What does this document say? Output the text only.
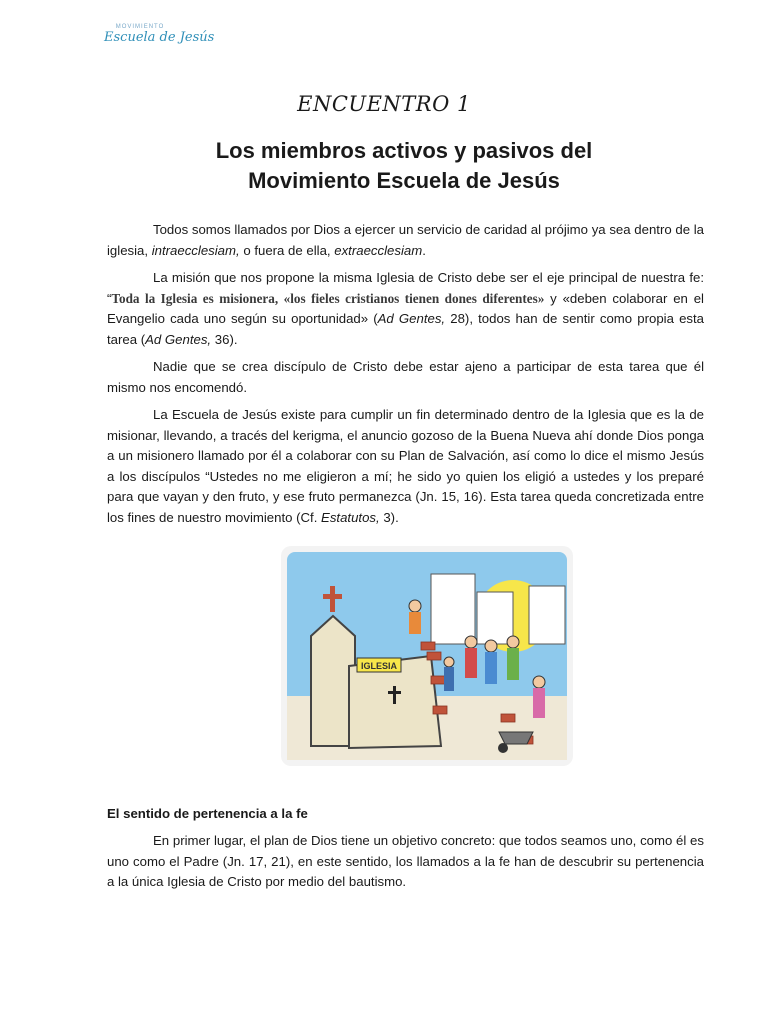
MOVIMIENTO
Escuela de Jesús
ENCUENTRO 1
Los miembros activos y pasivos del
Movimiento Escuela de Jesús

Todos somos llamados por Dios a ejercer un servicio de caridad al prójimo ya sea dentro de la iglesia, intraecclesiam, o fuera de ella, extraecclesiam.

La misión que nos propone la misma Iglesia de Cristo debe ser el eje principal de nuestra fe: “Toda la Iglesia es misionera, «los fieles cristianos tienen dones diferentes» y «deben colaborar en el Evangelio cada uno según su oportunidad» (Ad Gentes, 28), todos han de sentir como propia esta tarea (Ad Gentes, 36).

Nadie que se crea discípulo de Cristo debe estar ajeno a participar de esta tarea que él mismo nos encomendó.

La Escuela de Jesús existe para cumplir un fin determinado dentro de la Iglesia que es la de misionar, llevando, a tracés del kerigma, el anuncio gozoso de la Buena Nueva ahí donde Dios ponga a un misionero llamado por él a colaborar con su Plan de Salvación, así como lo dice el mismo Jesús a los discípulos “Ustedes no me eligieron a mí; he sido yo quien los eligió a ustedes y los preparé para que vayan y den fruto, y ese fruto permanezca (Jn. 15, 16). Esta tarea queda concretizada entre los fines de nuestro movimiento (Cf. Estatutos, 3).

IGLESIA
El sentido de pertenencia a la fe

En primer lugar, el plan de Dios tiene un objetivo concreto: que todos seamos uno, como él es uno como el Padre (Jn. 17, 21), en este sentido, los llamados a la fe han de descubrir su pertenencia a la única Iglesia de Cristo por medio del bautismo.
